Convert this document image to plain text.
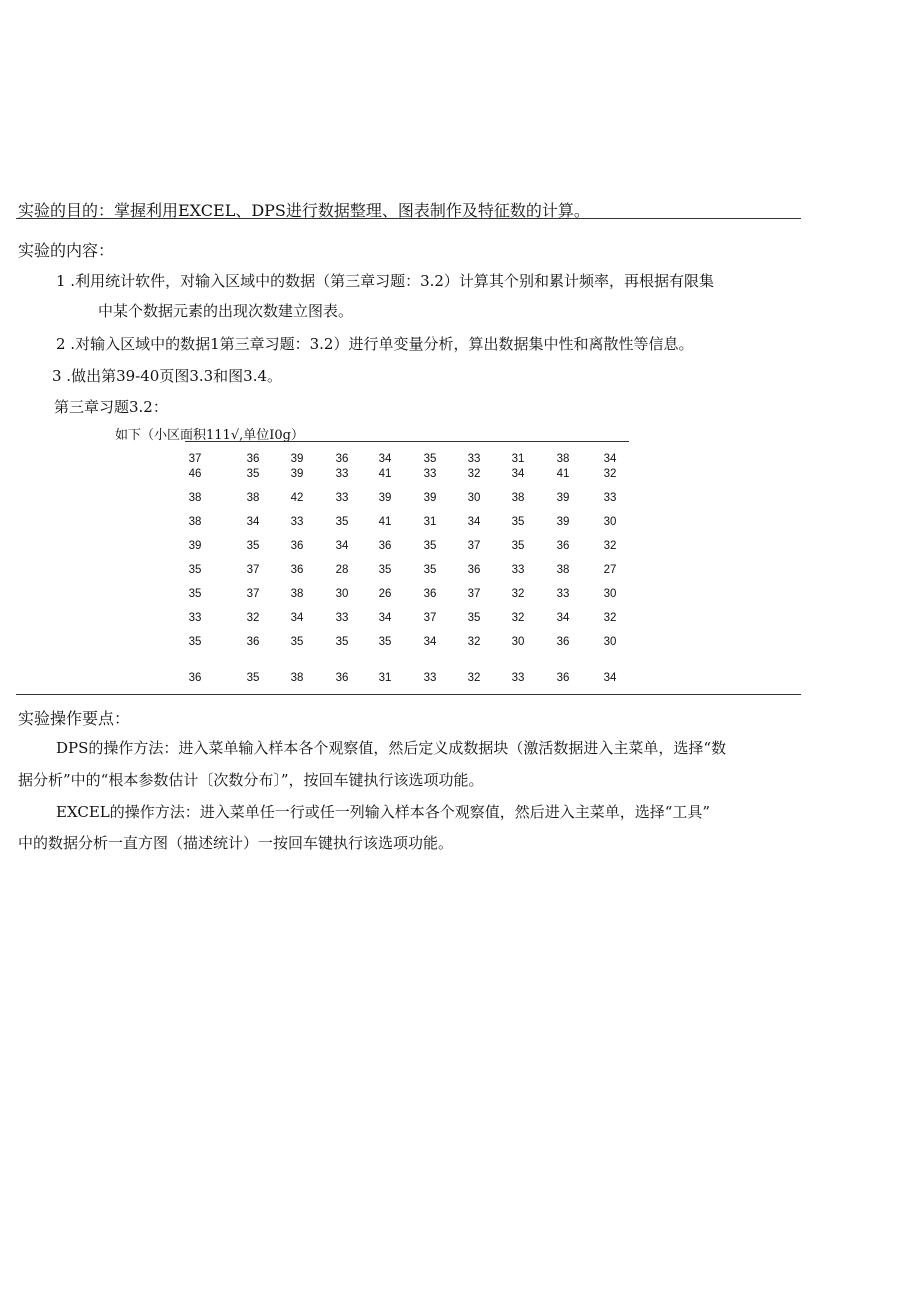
实验的目的：掌握利用EXCEL、DPS进行数据整理、图表制作及特征数的计算。
实验的内容：
1 .利用统计软件，对输入区域中的数据（第三章习题：3.2）计算其个别和累计频率，再根据有限集
中某个数据元素的出现次数建立图表。
2 .对输入区域中的数据1第三章习题：3.2）进行单变量分析，算出数据集中性和离散性等信息。
3 .做出第39-40页图3.3和图3.4。
第三章习题3.2：
如下（小区面积111√,单位I0g）
37	36	39	36	34	35	33	31	38	34
46	35	39	33	41	33	32	34	41	32
38	38	42	33	39	39	30	38	39	33
38	34	33	35	41	31	34	35	39	30
39	35	36	34	36	35	37	35	36	32
35	37	36	28	35	35	36	33	38	27
35	37	38	30	26	36	37	32	33	30
33	32	34	33	34	37	35	32	34	32
35	36	35	35	35	34	32	30	36	30
36	35	38	36	31	33	32	33	36	34
实验操作要点：
DPS的操作方法：进入菜单输入样本各个观察值，然后定义成数据块（激活数据进入主菜单，选择“数
据分析”中的“根本参数估计〔次数分布〕”，按回车键执行该选项功能。
EXCEL的操作方法：进入菜单任一行或任一列输入样本各个观察值，然后进入主菜单，选择“工具”
中的数据分析一直方图（描述统计）一按回车键执行该选项功能。
